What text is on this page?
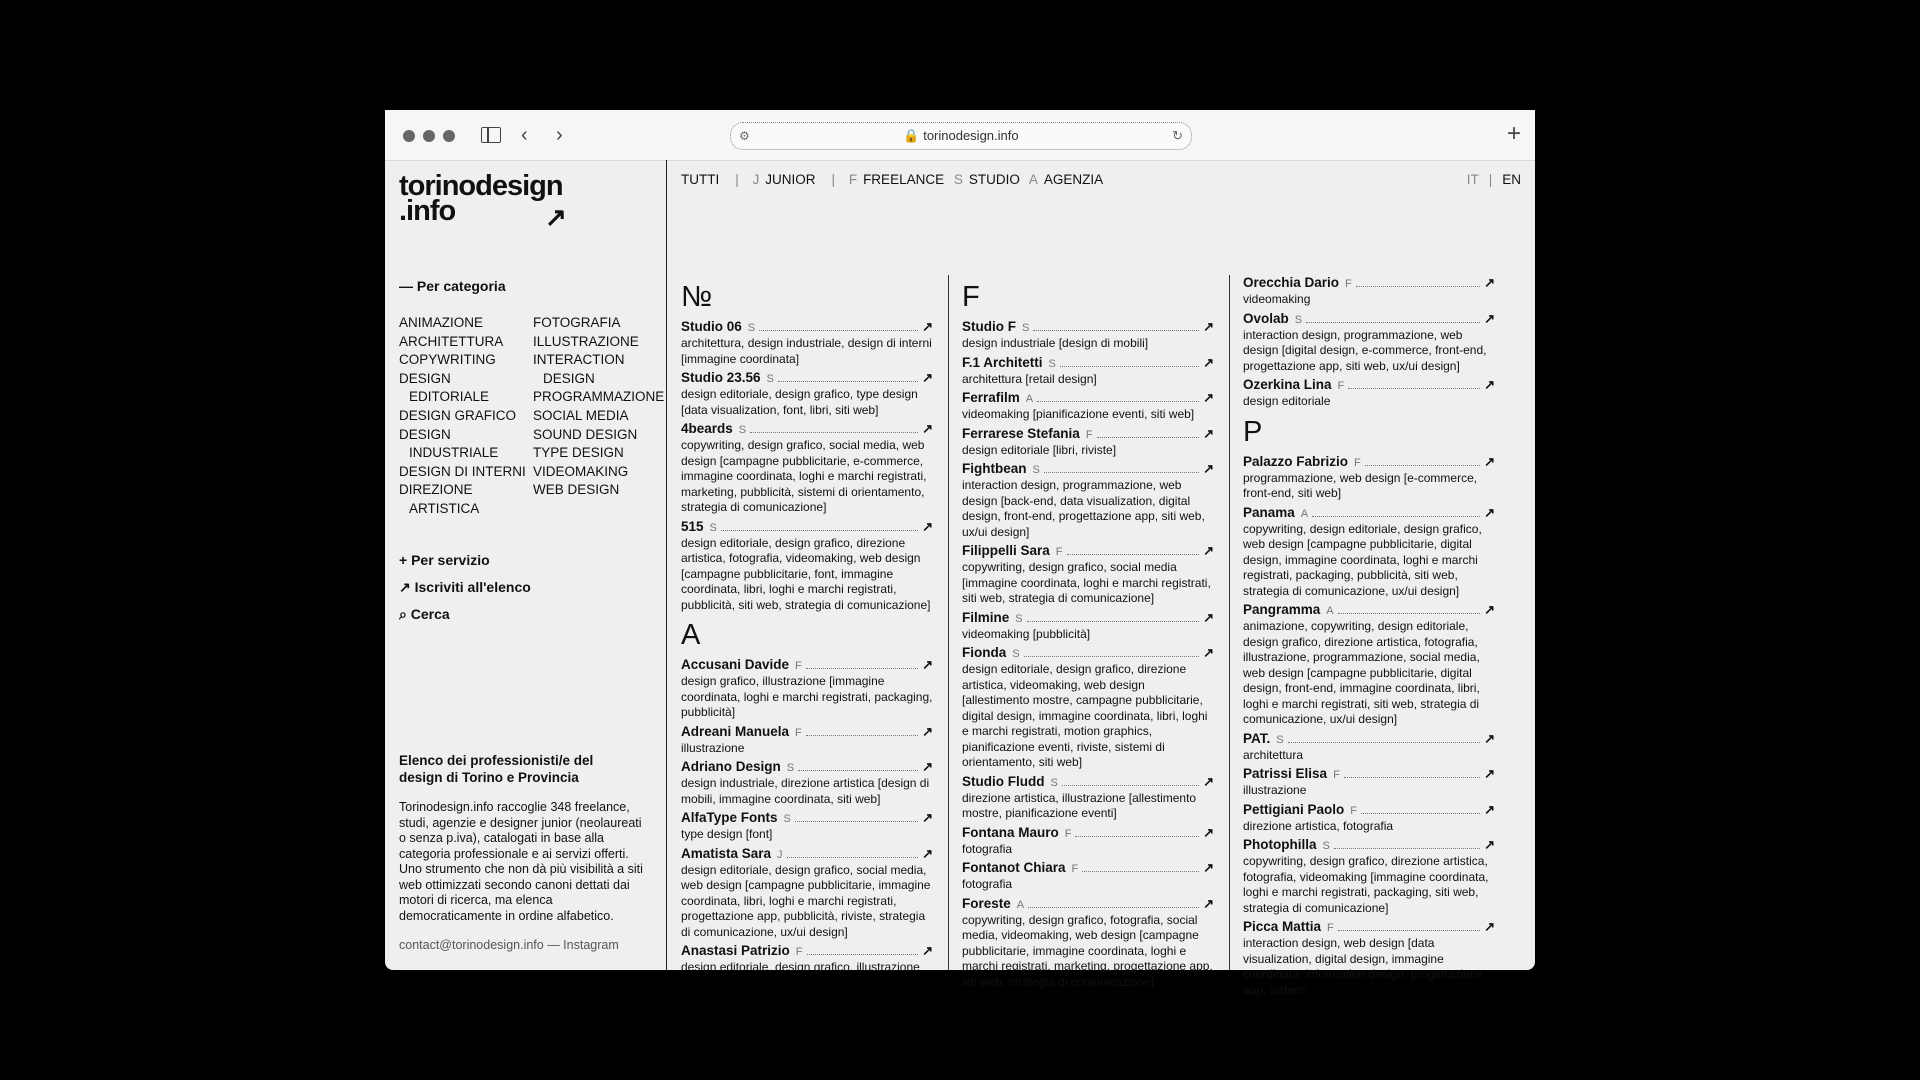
‹ ›	⚙	🔒 torinodesign.info	↻	+
torinodesign
.info	↗
— Per categoria
ANIMAZIONE
ARCHITETTURA
COPYWRITING
DESIGN
EDITORIALE
DESIGN GRAFICO
DESIGN
INDUSTRIALE
DESIGN DI INTERNI
DIREZIONE
ARTISTICA
FOTOGRAFIA
ILLUSTRAZIONE
INTERACTION
DESIGN
PROGRAMMAZIONE
SOCIAL MEDIA
SOUND DESIGN
TYPE DESIGN
VIDEOMAKING
WEB DESIGN
+ Per servizio
↗ Iscriviti all'elenco
⌕ Cerca
Elenco dei professionisti/e del design di Torino e Provincia
Torinodesign.info raccoglie 348 freelance, studi, agenzie e designer junior (neolaureati o senza p.iva), catalogati in base alla categoria professionale e ai servizi offerti. Uno strumento che non dà più visibilità a siti web ottimizzati secondo canoni dettati dai motori di ricerca, ma elenca democraticamente in ordine alfabetico.
contact@torinodesign.info — Instagram
TUTTI | J JUNIOR | F FREELANCE S STUDIO A AGENZIA	IT | EN
№
Studio 06 S	↗
architettura, design industriale, design di interni [immagine coordinata]
Studio 23.56 S	↗
design editoriale, design grafico, type design [data visualization, font, libri, siti web]
4beards S	↗
copywriting, design grafico, social media, web design [campagne pubblicitarie, e-commerce, immagine coordinata, loghi e marchi registrati, marketing, pubblicità, sistemi di orientamento, strategia di comunicazione]
515 S	↗
design editoriale, design grafico, direzione artistica, fotografia, videomaking, web design [campagne pubblicitarie, font, immagine coordinata, libri, loghi e marchi registrati, pubblicità, siti web, strategia di comunicazione]
A
Accusani Davide F	↗
design grafico, illustrazione [immagine coordinata, loghi e marchi registrati, packaging, pubblicità]
Adreani Manuela F	↗
illustrazione
Adriano Design S	↗
design industriale, direzione artistica [design di mobili, immagine coordinata, siti web]
AlfaType Fonts S	↗
type design [font]
Amatista Sara J	↗
design editoriale, design grafico, social media, web design [campagne pubblicitarie, immagine coordinata, libri, loghi e marchi registrati, progettazione app, pubblicità, riviste, strategia di comunicazione, ux/ui design]
Anastasi Patrizio F	↗
design editoriale, design grafico, illustrazione
F
Studio F S	↗
design industriale [design di mobili]
F.1 Architetti S	↗
architettura [retail design]
Ferrafilm A	↗
videomaking [pianificazione eventi, siti web]
Ferrarese Stefania F	↗
design editoriale [libri, riviste]
Fightbean S	↗
interaction design, programmazione, web design [back-end, data visualization, digital design, front-end, progettazione app, siti web, ux/ui design]
Filippelli Sara F	↗
copywriting, design grafico, social media [immagine coordinata, loghi e marchi registrati, siti web, strategia di comunicazione]
Filmine S	↗
videomaking [pubblicità]
Fionda S	↗
design editoriale, design grafico, direzione artistica, videomaking, web design [allestimento mostre, campagne pubblicitarie, digital design, immagine coordinata, libri, loghi e marchi registrati, motion graphics, pianificazione eventi, riviste, sistemi di orientamento, siti web]
Studio Fludd S	↗
direzione artistica, illustrazione [allestimento mostre, pianificazione eventi]
Fontana Mauro F	↗
fotografia
Fontanot Chiara F	↗
fotografia
Foreste A	↗
copywriting, design grafico, fotografia, social media, videomaking, web design [campagne pubblicitarie, immagine coordinata, loghi e marchi registrati, marketing, progettazione app, siti web, strategia di comunicazione]
Orecchia Dario F	↗
videomaking
Ovolab S	↗
interaction design, programmazione, web design [digital design, e-commerce, front-end, progettazione app, siti web, ux/ui design]
Ozerkina Lina F	↗
design editoriale
P
Palazzo Fabrizio F	↗
programmazione, web design [e-commerce, front-end, siti web]
Panama A	↗
copywriting, design editoriale, design grafico, web design [campagne pubblicitarie, digital design, immagine coordinata, loghi e marchi registrati, packaging, pubblicità, siti web, strategia di comunicazione, ux/ui design]
Pangramma A	↗
animazione, copywriting, design editoriale, design grafico, direzione artistica, fotografia, illustrazione, programmazione, social media, web design [campagne pubblicitarie, digital design, front-end, immagine coordinata, libri, loghi e marchi registrati, siti web, strategia di comunicazione, ux/ui design]
PAT. S	↗
architettura
Patrissi Elisa F	↗
illustrazione
Pettigiani Paolo F	↗
direzione artistica, fotografia
Photophilla S	↗
copywriting, design grafico, direzione artistica, fotografia, videomaking [immagine coordinata, loghi e marchi registrati, packaging, siti web, strategia di comunicazione]
Picca Mattia F	↗
interaction design, web design [data visualization, digital design, immagine coordinata, information design, progettazione app, sistemi
